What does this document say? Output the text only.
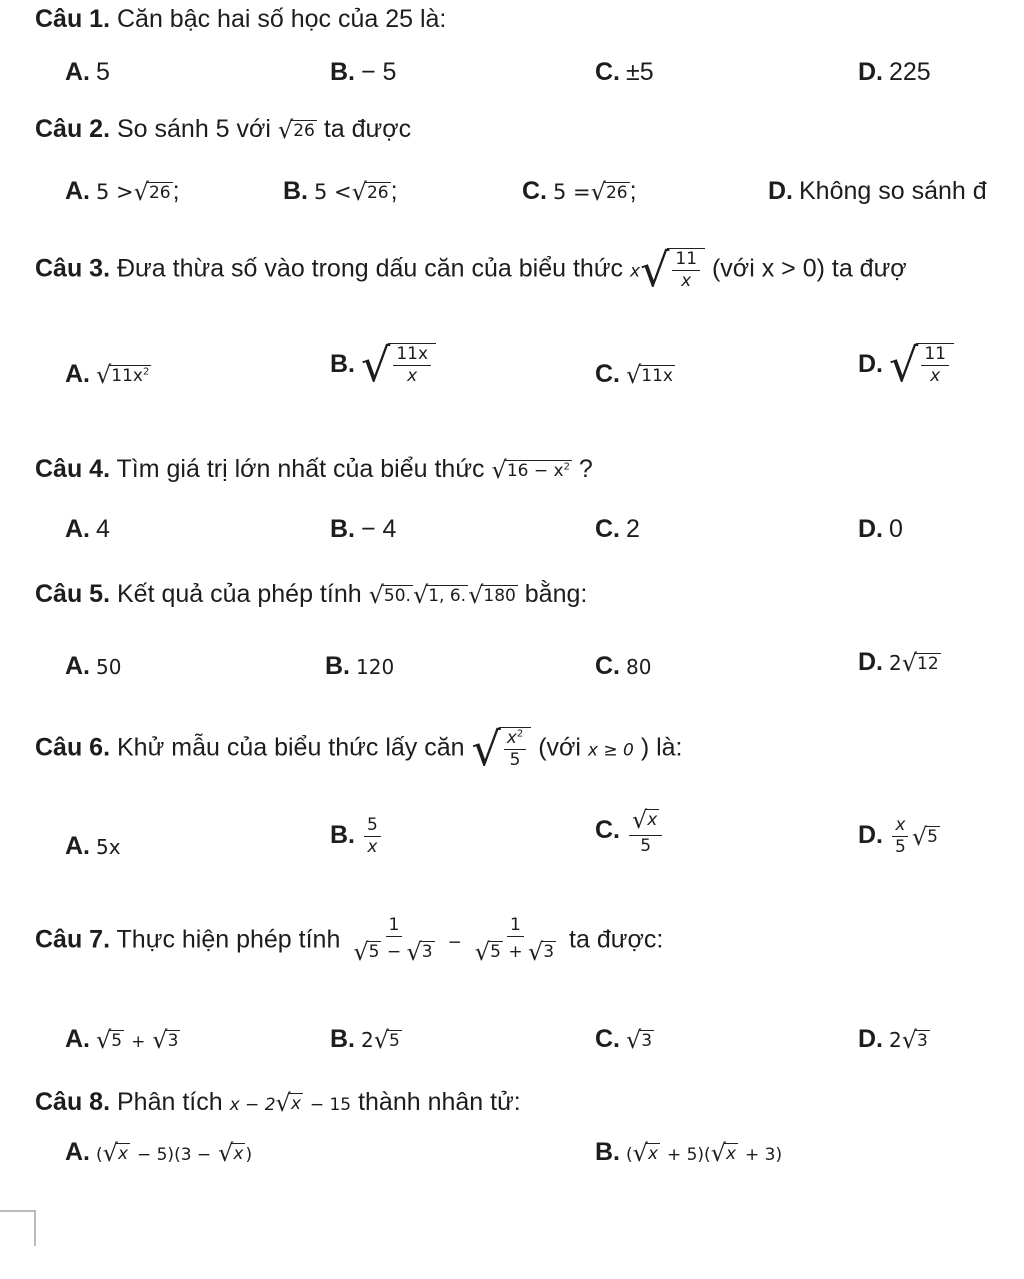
Câu 1. Căn bậc hai số học của 25 là:
A. 5	B. − 5	C. ±5	D. 225
Câu 2. So sánh 5 với √26 ta được
A. 5 >√26;	B. 5 <√26;	C. 5 =√26;	D. Không so sánh đ
Câu 3. Đưa thừa số vào trong dấu căn của biểu thức $x√ \frac{11}{x}$ (với x > 0) ta đượ
A. $√11x^2$	B. √ $\frac{11x}{x}$	C. √11x	D. √ $\frac{11}{x}$
Câu 4. Tìm giá trị lớn nhất của biểu thức $√16 - x^2$ ?
A. 4	B. − 4	C. 2	D. 0
Câu 5. Kết quả của phép tính √50.√1, 6.√180 bằng:
A. 50	B. 120	C. 80	D. 2√12
Câu 6. Khử mẫu của biểu thức lấy căn √ $\frac{x^2}{5}$ (với x ≥ 0 ) là:
A. 5x	B. $\frac{5}{x}$	C. $\frac{√x}{5}$	D. $\frac{x}{5} √5$
Câu 7. Thực hiện phép tính $\frac{1}{√5 - √3} - \frac{1}{√5 + √3}$ ta được:
A. √5 + √3	B. 2√5	C. √3	D. 2√3
Câu 8. Phân tích x − 2√x − 15 thành nhân tử:
A. (√x − 5)(3 − √x )	B. (√x + 5)(√x + 3)
